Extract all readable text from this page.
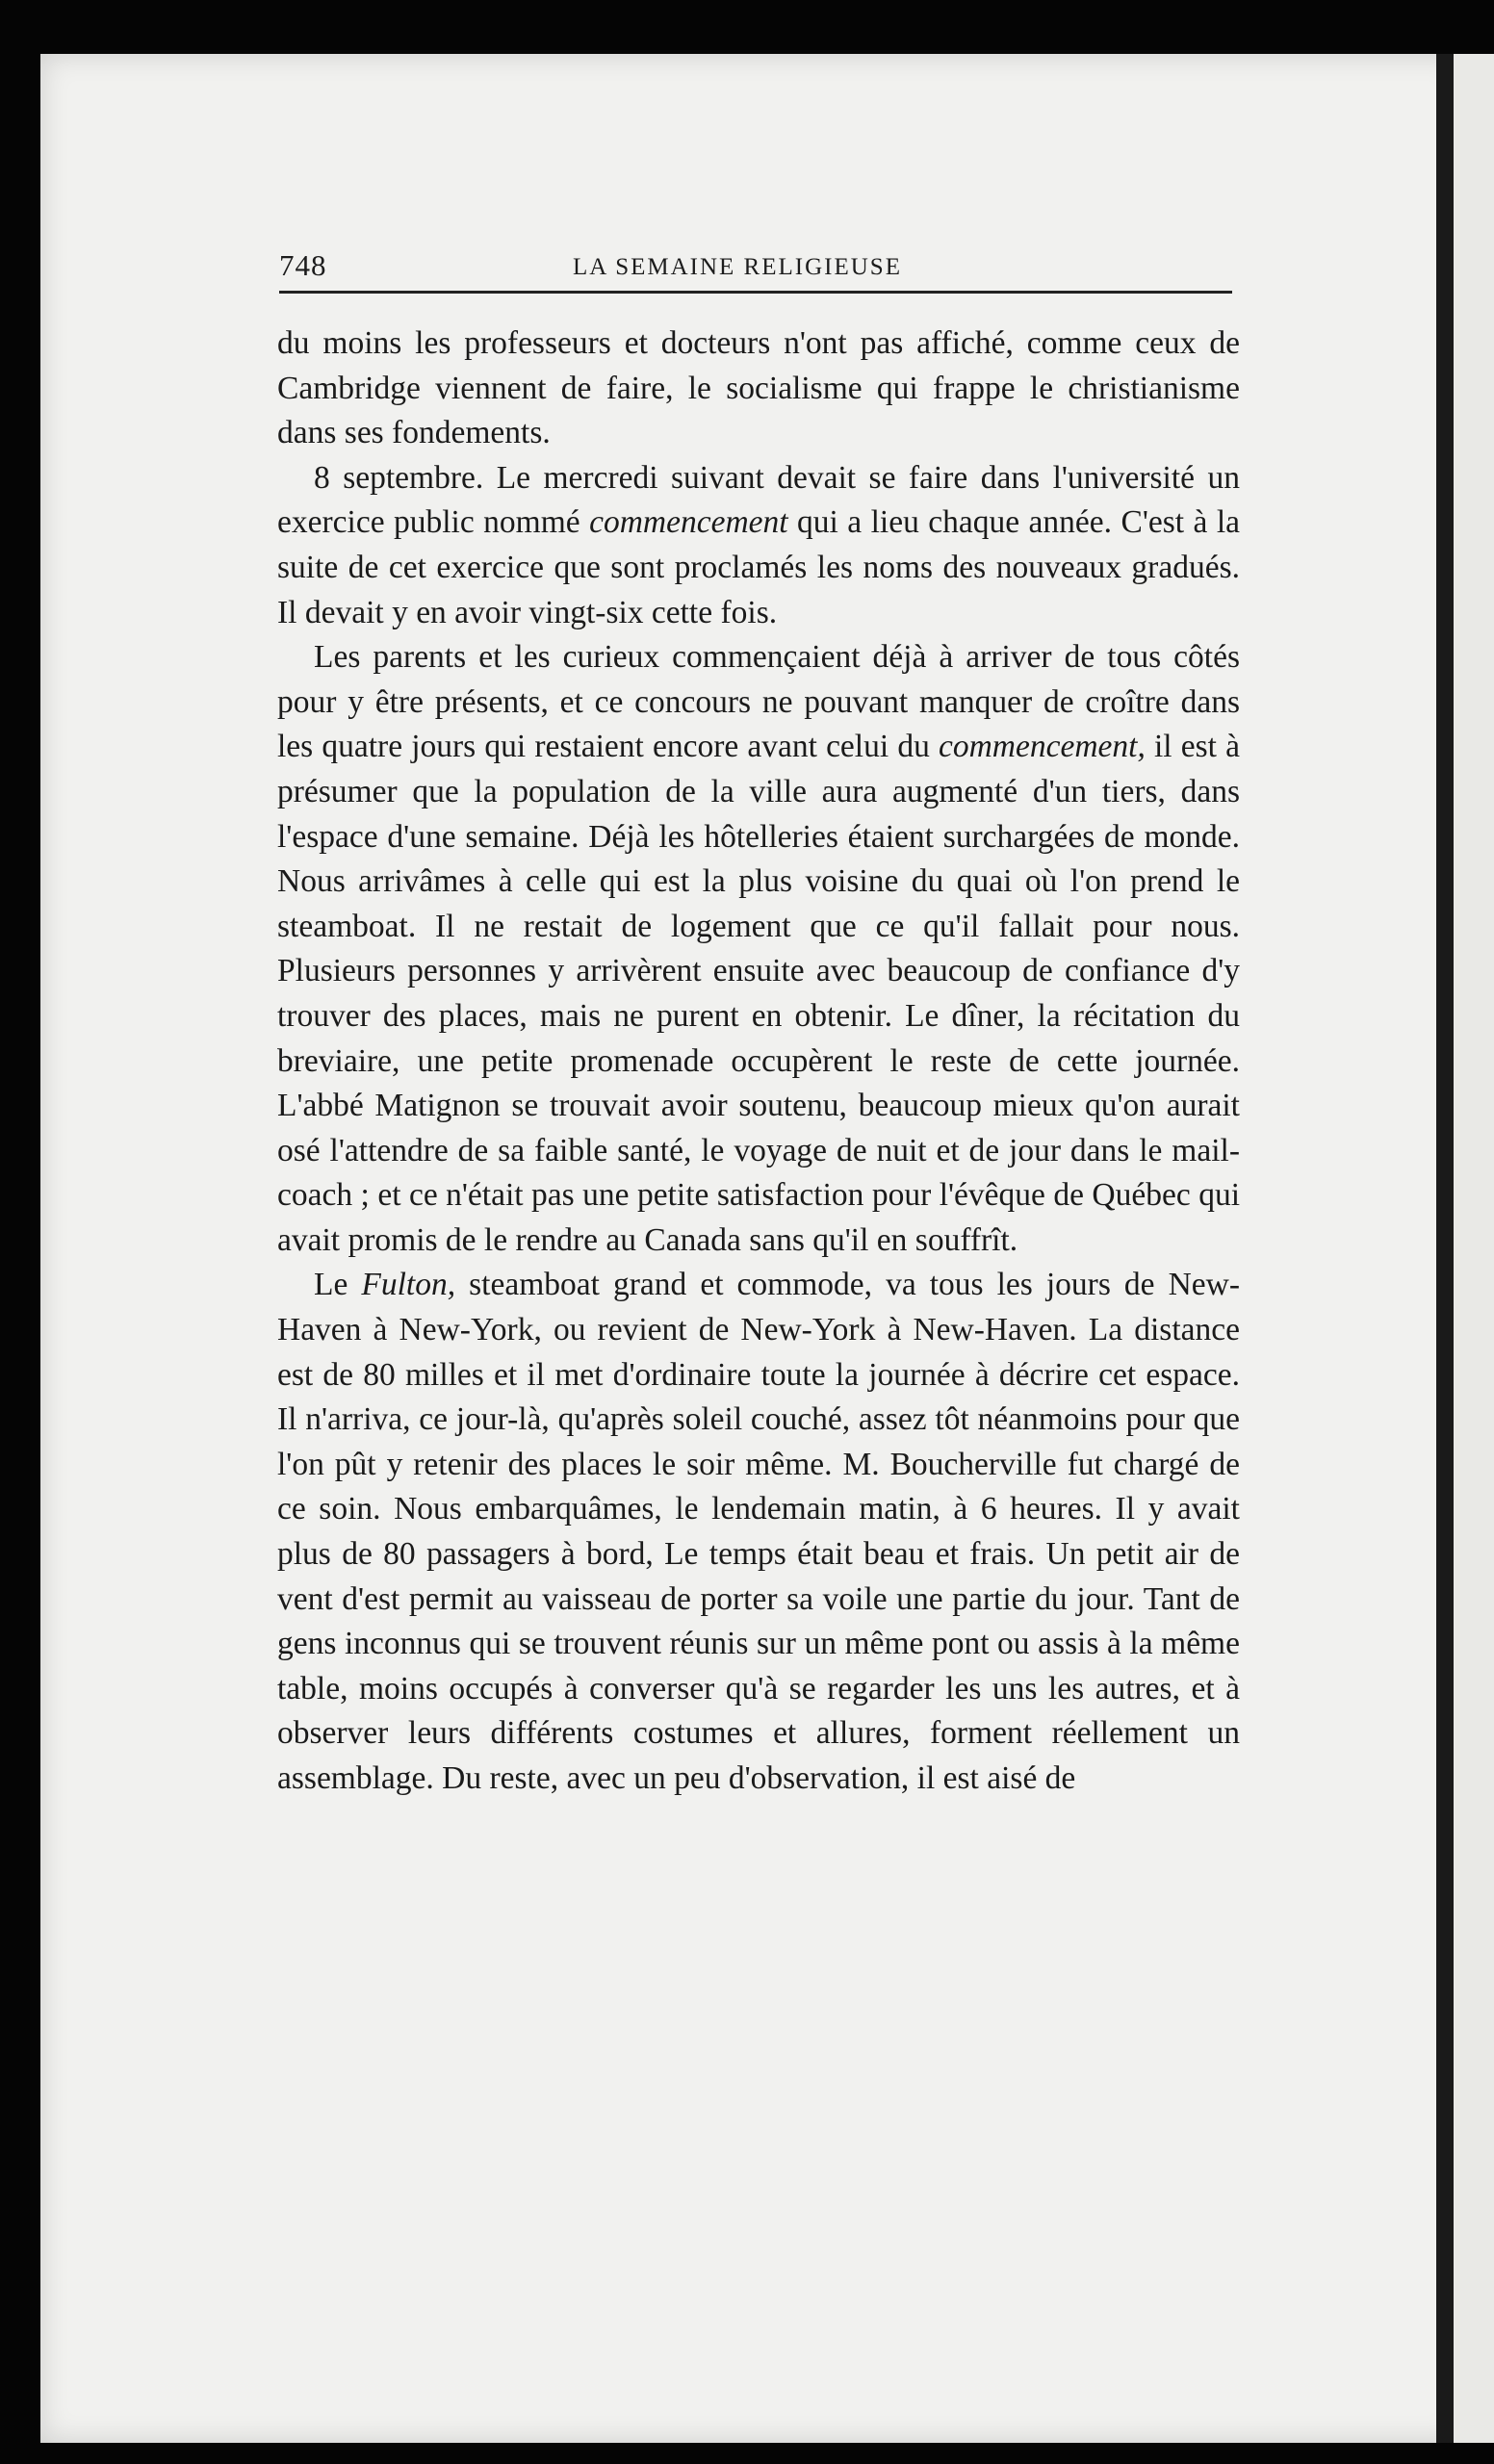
748	LA SEMAINE RELIGIEUSE

du moins les professeurs et docteurs n'ont pas affiché, comme ceux de Cambridge viennent de faire, le socialisme qui frappe le christianisme dans ses fondements.

8 septembre. Le mercredi suivant devait se faire dans l'université un exercice public nommé commencement qui a lieu chaque année. C'est à la suite de cet exercice que sont proclamés les noms des nouveaux gradués. Il devait y en avoir vingt-six cette fois.

Les parents et les curieux commençaient déjà à arriver de tous côtés pour y être présents, et ce concours ne pouvant manquer de croître dans les quatre jours qui restaient encore avant celui du commencement, il est à présumer que la population de la ville aura augmenté d'un tiers, dans l'espace d'une semaine. Déjà les hôtelleries étaient surchargées de monde. Nous arrivâmes à celle qui est la plus voisine du quai où l'on prend le steamboat. Il ne restait de logement que ce qu'il fallait pour nous. Plusieurs personnes y arrivèrent ensuite avec beaucoup de confiance d'y trouver des places, mais ne purent en obtenir. Le dîner, la récitation du breviaire, une petite promenade occupèrent le reste de cette journée. L'abbé Matignon se trouvait avoir soutenu, beaucoup mieux qu'on aurait osé l'attendre de sa faible santé, le voyage de nuit et de jour dans le mail-coach ; et ce n'était pas une petite satisfaction pour l'évêque de Québec qui avait promis de le rendre au Canada sans qu'il en souffrît.

Le Fulton, steamboat grand et commode, va tous les jours de New-Haven à New-York, ou revient de New-York à New-Haven. La distance est de 80 milles et il met d'ordinaire toute la journée à décrire cet espace. Il n'arriva, ce jour-là, qu'après soleil couché, assez tôt néanmoins pour que l'on pût y retenir des places le soir même. M. Boucherville fut chargé de ce soin. Nous embarquâmes, le lendemain matin, à 6 heures. Il y avait plus de 80 passagers à bord, Le temps était beau et frais. Un petit air de vent d'est permit au vaisseau de porter sa voile une partie du jour. Tant de gens inconnus qui se trouvent réunis sur un même pont ou assis à la même table, moins occupés à converser qu'à se regarder les uns les autres, et à observer leurs différents costumes et allures, forment réellement un assemblage. Du reste, avec un peu d'observation, il est aisé de
